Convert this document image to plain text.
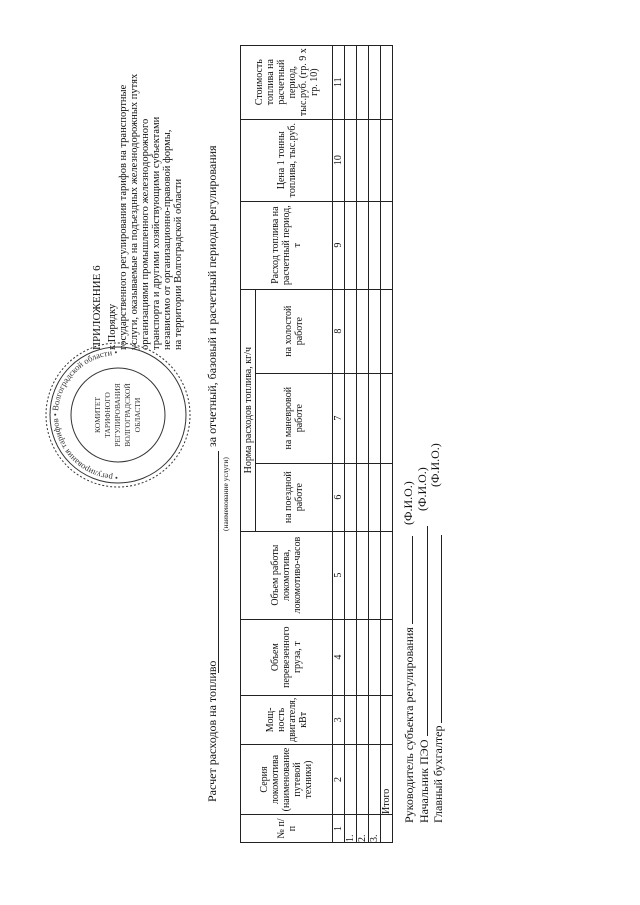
ПРИЛОЖЕНИЕ 6 к Порядку государственного регулирования тарифов на транспортные услуги, оказываемые на подъездных железнодорожных путях организациями промышленного железнодорожного транспорта и другими хозяйствующими субъектами независимо от организационно-правовой формы, на территории Волгоградской области
• регулирования тарифов • Волгоградской области •
КОМИТЕТ ТАРИФНОГО РЕГУЛИРОВАНИЯ ВОЛГОГРАДСКОЙ ОБЛАСТИ
Расчет расходов на топливо
за отчетный, базовый и расчетный периоды регулирования
(наименование услуги)
№ п/п	Серия локомотива (наименование путевой техники)	Мощ-ность двигателя, кВт	Объем перевезенного груза, т	Объем работы локомотива, локомотиво-часов	Норма расходов топлива, кг/ч			Расход топлива на расчетный период, т	Цена 1 тонны топлива, тыс.руб.	Стоимость топлива на расчетный период, тыс.руб. (гр. 9 х гр. 10)
					на поездной работе	на маневровой работе	на холостой работе			
1	2	3	4	5	6	7	8	9	10	11
1.										
2.										
3.										
	Итого									Руководитель субъекта регулирования Начальник ПЭО Главный бухгалтер
(Ф.И.О.) (Ф.И.О.)
(Ф.И.О.)
